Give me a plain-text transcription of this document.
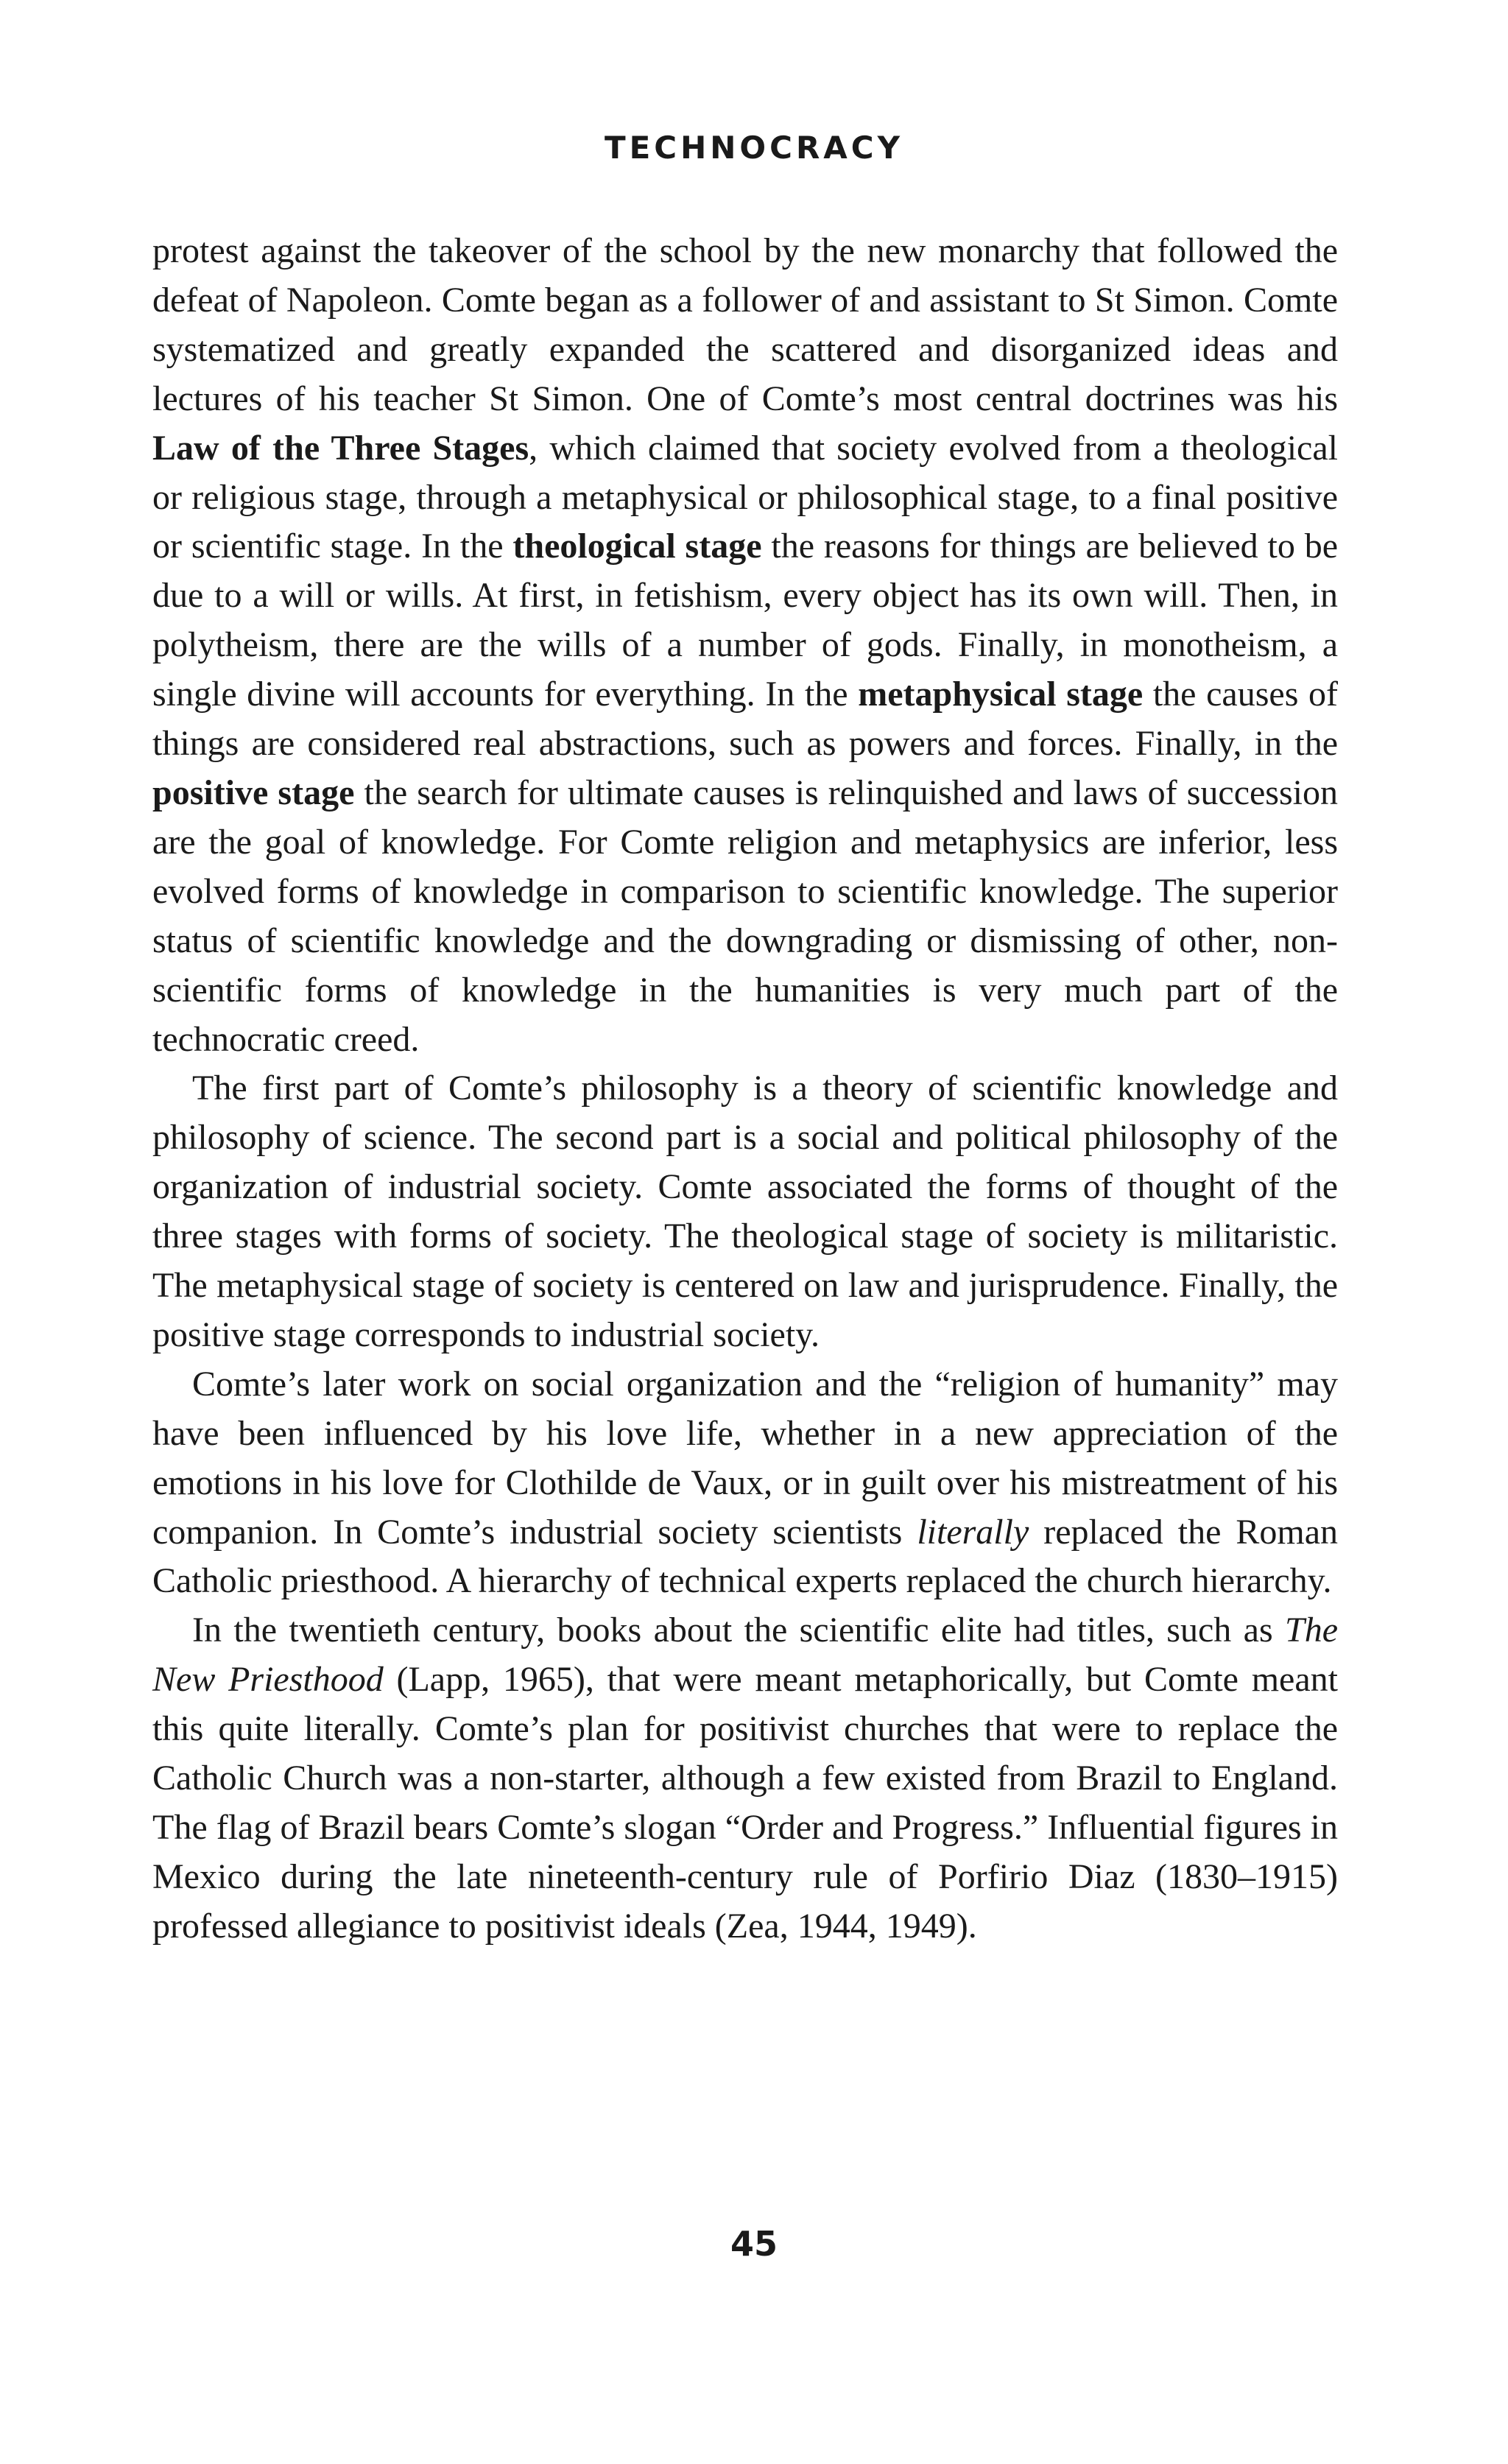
TECHNOCRACY

protest against the takeover of the school by the new monarchy that followed the defeat of Napoleon. Comte began as a follower of and assistant to St Simon. Comte systematized and greatly expanded the scattered and disorganized ideas and lectures of his teacher St Simon. One of Comte’s most central doctrines was his Law of the Three Stages, which claimed that society evolved from a theological or religious stage, through a metaphysical or philosophical stage, to a final positive or scientific stage. In the theological stage the reasons for things are believed to be due to a will or wills. At first, in fetishism, every object has its own will. Then, in polytheism, there are the wills of a number of gods. Finally, in monotheism, a single divine will accounts for everything. In the metaphysical stage the causes of things are considered real abstractions, such as powers and forces. Finally, in the positive stage the search for ultimate causes is relinquished and laws of succession are the goal of knowledge. For Comte religion and metaphysics are inferior, less evolved forms of knowledge in comparison to scientific knowledge. The superior status of scientific knowledge and the downgrading or dismissing of other, non-scientific forms of knowledge in the humanities is very much part of the technocratic creed.

The first part of Comte’s philosophy is a theory of scientific knowledge and philosophy of science. The second part is a social and political philosophy of the organization of industrial society. Comte associated the forms of thought of the three stages with forms of society. The theological stage of society is militaristic. The metaphysical stage of society is centered on law and jurisprudence. Finally, the positive stage corresponds to industrial society.

Comte’s later work on social organization and the “religion of humanity” may have been influenced by his love life, whether in a new appreciation of the emotions in his love for Clothilde de Vaux, or in guilt over his mistreatment of his companion. In Comte’s industrial society scientists literally replaced the Roman Catholic priesthood. A hierarchy of technical experts replaced the church hierarchy.

In the twentieth century, books about the scientific elite had titles, such as The New Priesthood (Lapp, 1965), that were meant metaphorically, but Comte meant this quite literally. Comte’s plan for positivist churches that were to replace the Catholic Church was a non-starter, although a few existed from Brazil to England. The flag of Brazil bears Comte’s slogan “Order and Progress.” Influential figures in Mexico during the late nineteenth-century rule of Porfirio Diaz (1830–1915) professed allegiance to positivist ideals (Zea, 1944, 1949).

45
